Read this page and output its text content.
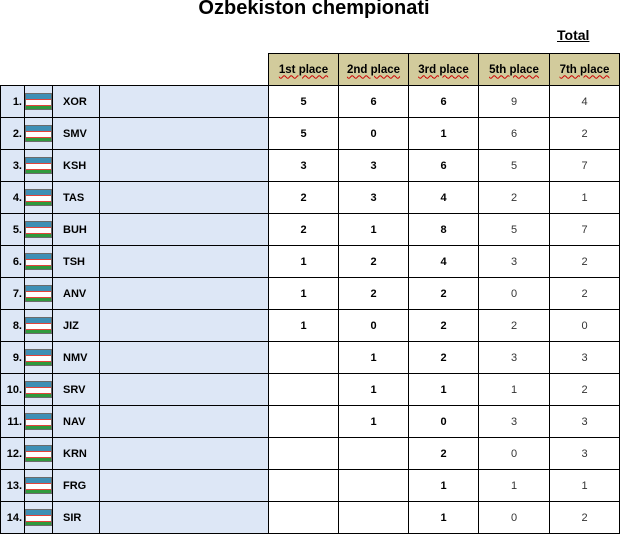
Ozbekiston chempionati
Total
				1st place	2nd place	3rd place	5th place	7th place
1.		XOR		5	6	6	9	4
2.		SMV		5	0	1	6	2
3.		KSH		3	3	6	5	7
4.		TAS		2	3	4	2	1
5.		BUH		2	1	8	5	7
6.		TSH		1	2	4	3	2
7.		ANV		1	2	2	0	2
8.		JIZ		1	0	2	2	0
9.		NMV			1	2	3	3
10.		SRV			1	1	1	2
11.		NAV			1	0	3	3
12.		KRN				2	0	3
13.		FRG				1	1	1
14.		SIR				1	0	2
